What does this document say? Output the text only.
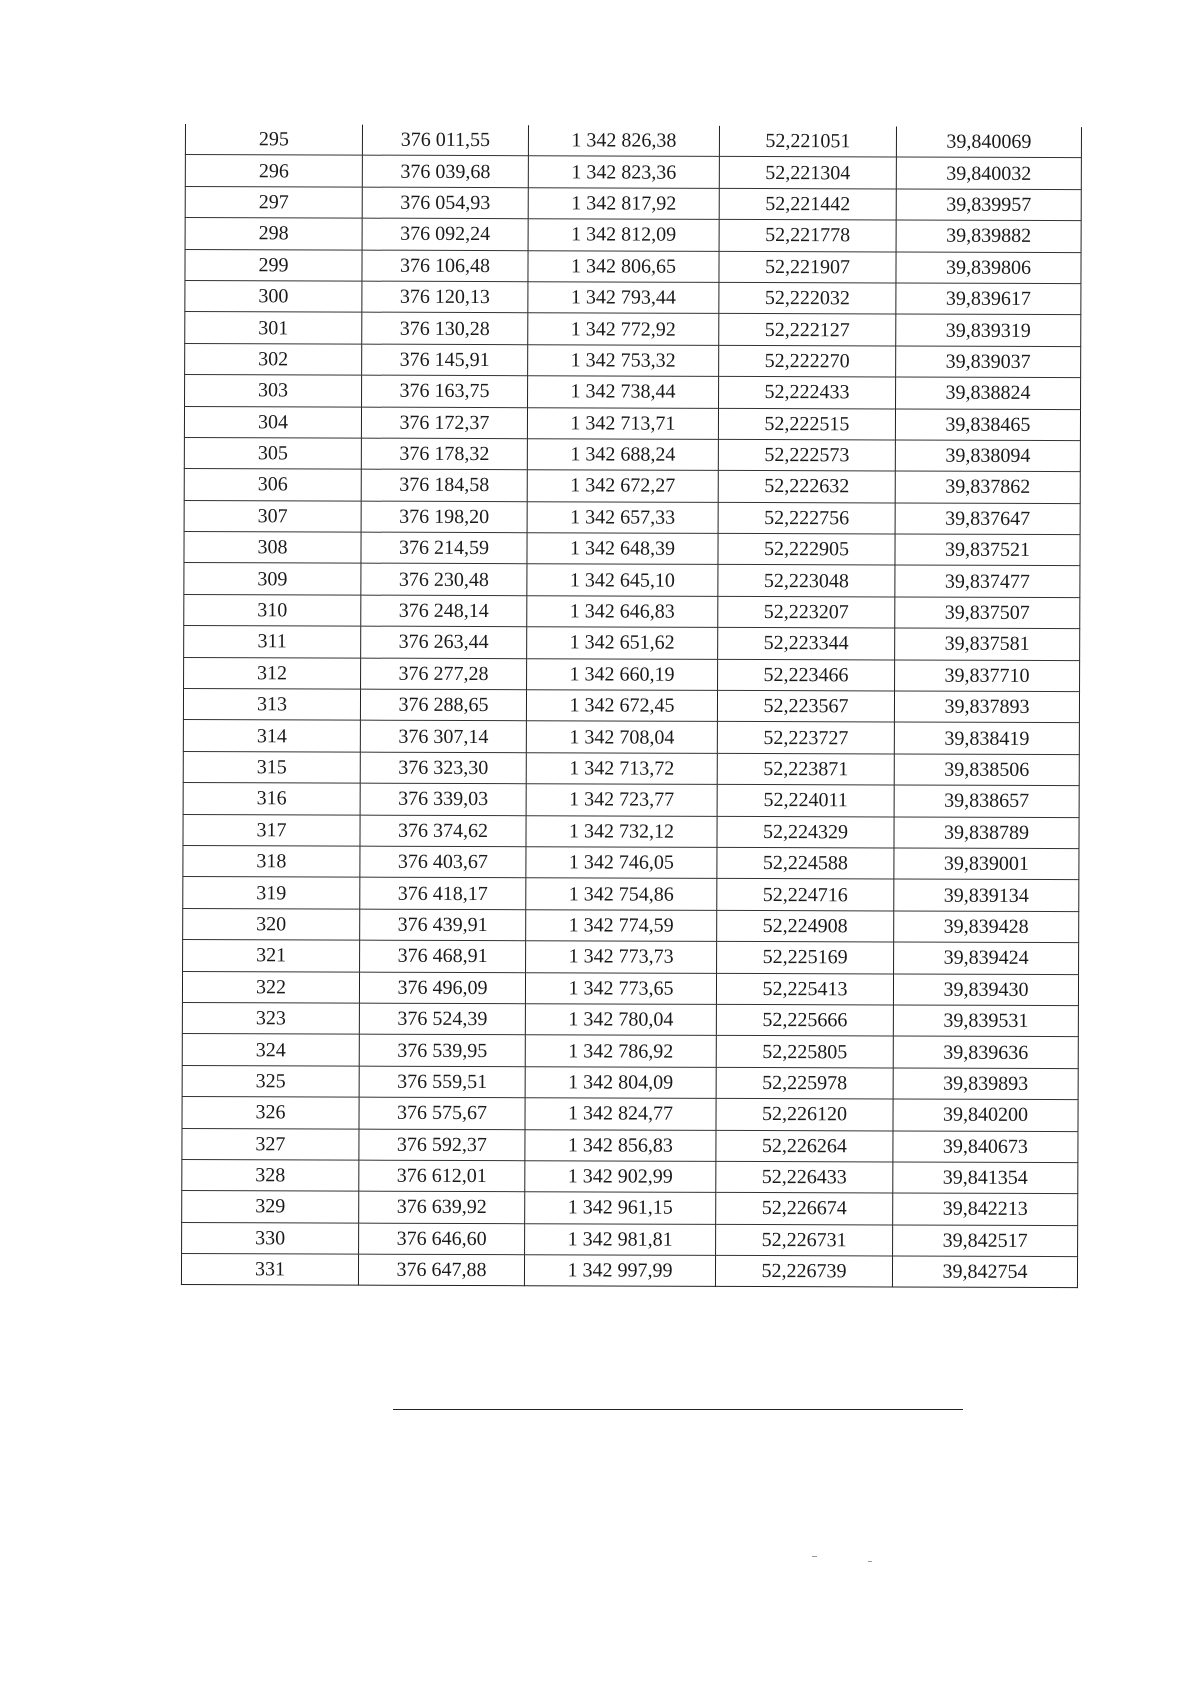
295	376 011,55	1 342 826,38	52,221051	39,840069
296	376 039,68	1 342 823,36	52,221304	39,840032
297	376 054,93	1 342 817,92	52,221442	39,839957
298	376 092,24	1 342 812,09	52,221778	39,839882
299	376 106,48	1 342 806,65	52,221907	39,839806
300	376 120,13	1 342 793,44	52,222032	39,839617
301	376 130,28	1 342 772,92	52,222127	39,839319
302	376 145,91	1 342 753,32	52,222270	39,839037
303	376 163,75	1 342 738,44	52,222433	39,838824
304	376 172,37	1 342 713,71	52,222515	39,838465
305	376 178,32	1 342 688,24	52,222573	39,838094
306	376 184,58	1 342 672,27	52,222632	39,837862
307	376 198,20	1 342 657,33	52,222756	39,837647
308	376 214,59	1 342 648,39	52,222905	39,837521
309	376 230,48	1 342 645,10	52,223048	39,837477
310	376 248,14	1 342 646,83	52,223207	39,837507
311	376 263,44	1 342 651,62	52,223344	39,837581
312	376 277,28	1 342 660,19	52,223466	39,837710
313	376 288,65	1 342 672,45	52,223567	39,837893
314	376 307,14	1 342 708,04	52,223727	39,838419
315	376 323,30	1 342 713,72	52,223871	39,838506
316	376 339,03	1 342 723,77	52,224011	39,838657
317	376 374,62	1 342 732,12	52,224329	39,838789
318	376 403,67	1 342 746,05	52,224588	39,839001
319	376 418,17	1 342 754,86	52,224716	39,839134
320	376 439,91	1 342 774,59	52,224908	39,839428
321	376 468,91	1 342 773,73	52,225169	39,839424
322	376 496,09	1 342 773,65	52,225413	39,839430
323	376 524,39	1 342 780,04	52,225666	39,839531
324	376 539,95	1 342 786,92	52,225805	39,839636
325	376 559,51	1 342 804,09	52,225978	39,839893
326	376 575,67	1 342 824,77	52,226120	39,840200
327	376 592,37	1 342 856,83	52,226264	39,840673
328	376 612,01	1 342 902,99	52,226433	39,841354
329	376 639,92	1 342 961,15	52,226674	39,842213
330	376 646,60	1 342 981,81	52,226731	39,842517
331	376 647,88	1 342 997,99	52,226739	39,842754
